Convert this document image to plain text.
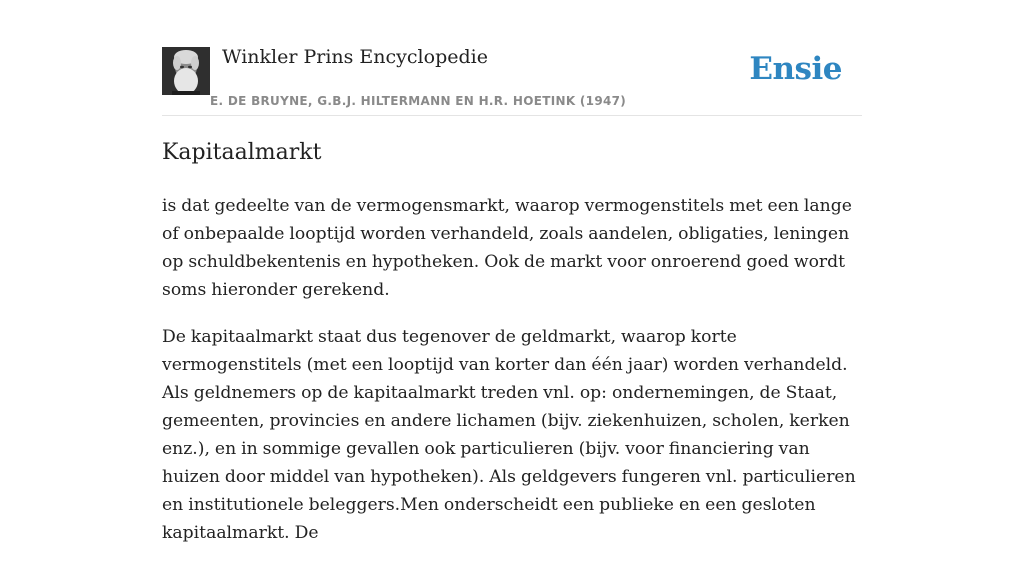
Winkler Prins Encyclopedie
E. DE BRUYNE, G.B.J. HILTERMANN EN H.R. HOETINK (1947)
Ensie
Kapitaalmarkt

is dat gedeelte van de vermogensmarkt, waarop vermogenstitels met een lange of onbepaalde looptijd worden verhandeld, zoals aandelen, obligaties, leningen op schuldbekentenis en hypotheken. Ook de markt voor onroerend goed wordt soms hieronder gerekend.

De kapitaalmarkt staat dus tegenover de geldmarkt, waarop korte vermogenstitels (met een looptijd van korter dan één jaar) worden verhandeld. Als geldnemers op de kapitaalmarkt treden vnl. op: ondernemingen, de Staat, gemeenten, provincies en andere lichamen (bijv. ziekenhuizen, scholen, kerken enz.), en in sommige gevallen ook particulieren (bijv. voor financiering van huizen door middel van hypotheken). Als geldgevers fungeren vnl. particulieren en institutionele beleggers.Men onderscheidt een publieke en een gesloten kapitaalmarkt. De
